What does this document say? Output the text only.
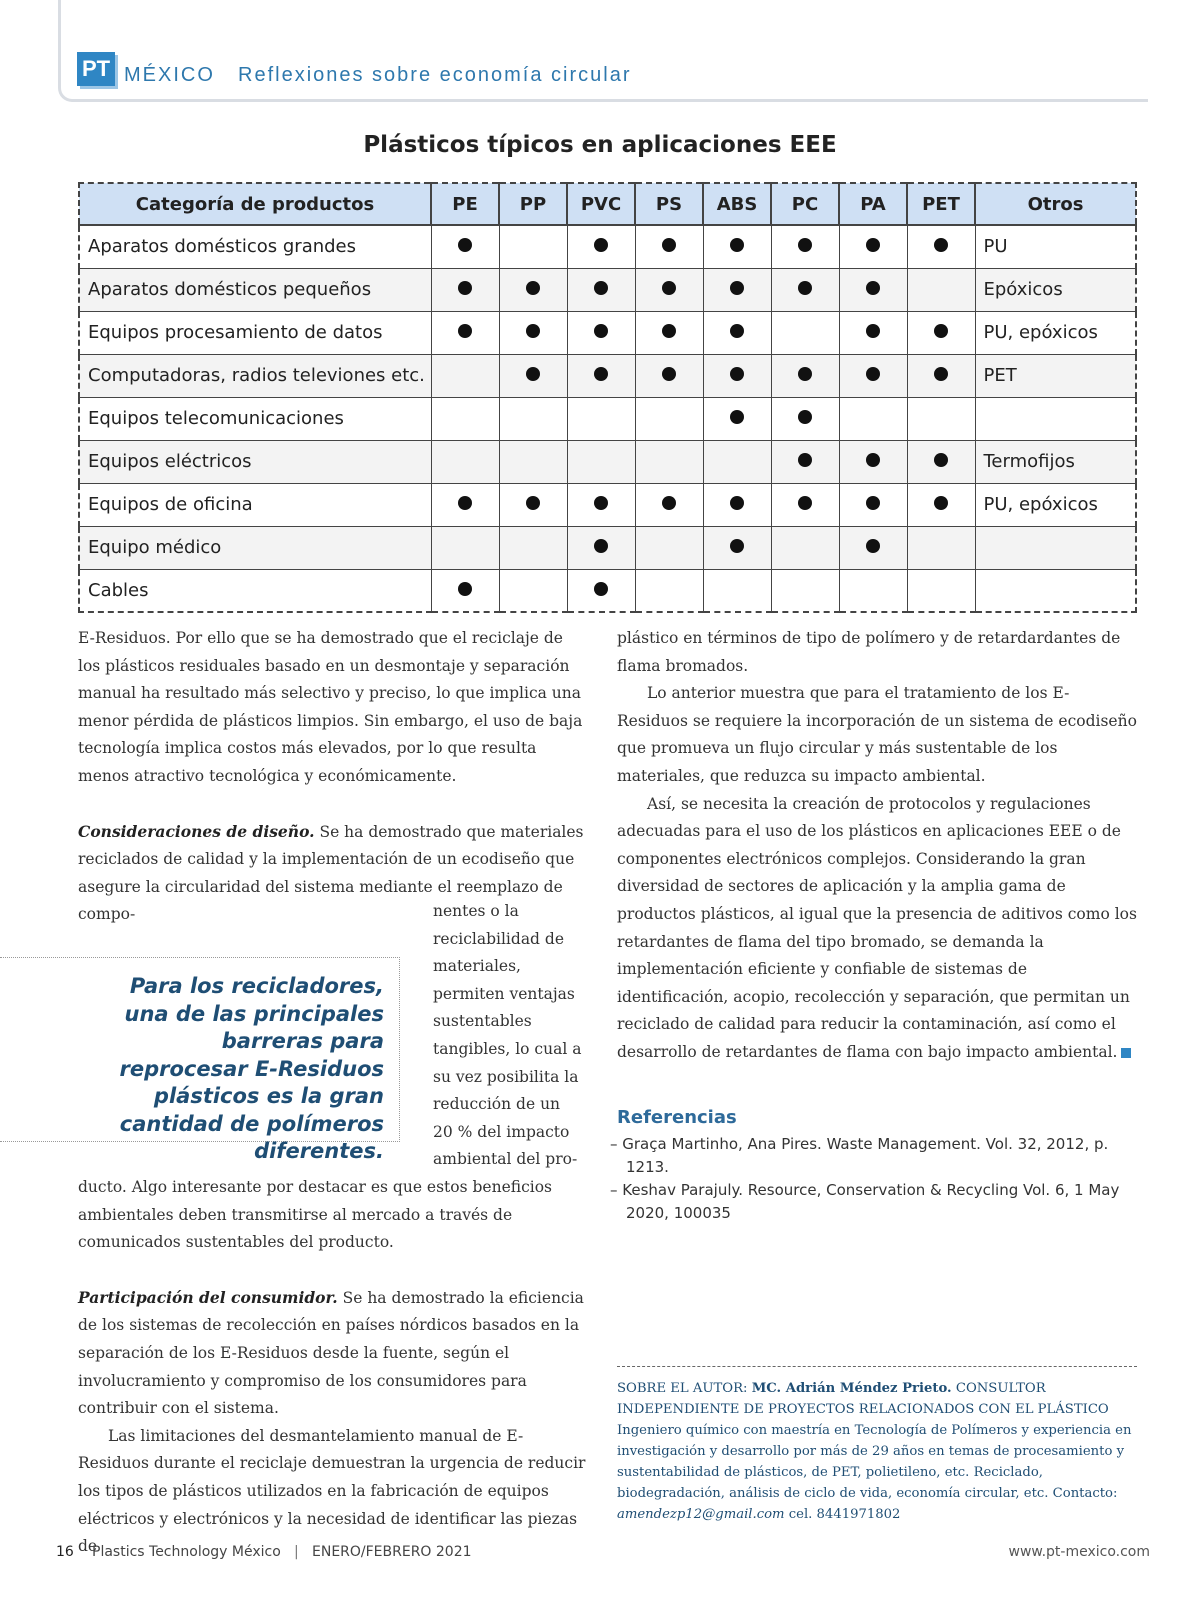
PT MÉXICO Reflexiones sobre economía circular
Plásticos típicos en aplicaciones EEE
Categoría de productos	PE	PP	PVC	PS	ABS	PC	PA	PET	Otros
Aparatos domésticos grandes									PU
Aparatos domésticos pequeños									Epóxicos
Equipos procesamiento de datos									PU, epóxicos
Computadoras, radios televiones etc.									PET
Equipos telecomunicaciones									
Equipos eléctricos									Termofijos
Equipos de oficina									PU, epóxicos
Equipo médico									
Cables									

E-Residuos. Por ello que se ha demostrado que el reciclaje de los plásticos residuales basado en un desmontaje y separación manual ha resultado más selectivo y preciso, lo que implica una menor pérdida de plásticos limpios. Sin embargo, el uso de baja tecnología implica costos más elevados, por lo que resulta menos atractivo tecnológica y económicamente.

Consideraciones de diseño. Se ha demostrado que materiales reciclados de calidad y la implementación de un ecodiseño que asegure la circularidad del sistema mediante el reemplazo de compo-	nentes o la reciclabilidad de materiales, permiten ventajas sustentables tangibles, lo cual a su vez posibilita la reducción de un 20 % del impacto ambiental del pro-

Para los recicladores, una de las principales barreras para reprocesar E-Residuos plásticos es la gran cantidad de polímeros diferentes.

ducto. Algo interesante por destacar es que estos beneficios ambientales deben transmitirse al mercado a través de comunicados sustentables del producto.

Participación del consumidor. Se ha demostrado la eficiencia de los sistemas de recolección en países nórdicos basados en la separación de los E-Residuos desde la fuente, según el involucramiento y compromiso de los consumidores para contribuir con el sistema.

Las limitaciones del desmantelamiento manual de E-Residuos durante el reciclaje demuestran la urgencia de reducir los tipos de plásticos utilizados en la fabricación de equipos eléctricos y electrónicos y la necesidad de identificar las piezas de

plástico en términos de tipo de polímero y de retardardantes de flama bromados.

Lo anterior muestra que para el tratamiento de los E-Residuos se requiere la incorporación de un sistema de ecodiseño que promueva un flujo circular y más sustentable de los materiales, que reduzca su impacto ambiental.

Así, se necesita la creación de protocolos y regulaciones adecuadas para el uso de los plásticos en aplicaciones EEE o de componentes electrónicos complejos. Considerando la gran diversidad de sectores de aplicación y la amplia gama de productos plásticos, al igual que la presencia de aditivos como los retardantes de flama del tipo bromado, se demanda la implementación eficiente y confiable de sistemas de identificación, acopio, recolección y separación, que permitan un reciclado de calidad para reducir la contaminación, así como el desarrollo de retardantes de flama con bajo impacto ambiental.

Referencias

– Graça Martinho, Ana Pires. Waste Management. Vol. 32, 2012, p. 1213.

– Keshav Parajuly. Resource, Conservation & Recycling Vol. 6, 1 May 2020, 100035

SOBRE EL AUTOR: MC. Adrián Méndez Prieto. CONSULTOR INDEPENDIENTE DE PROYECTOS RELACIONADOS CON EL PLÁSTICO Ingeniero químico con maestría en Tecnología de Polímeros y experiencia en investigación y desarrollo por más de 29 años en temas de procesamiento y sustentabilidad de plásticos, de PET, polietileno, etc. Reciclado, biodegradación, análisis de ciclo de vida, economía circular, etc. Contacto: amendezp12@gmail.com cel. 8441971802
16 Plastics Technology México | ENERO/FEBRERO 2021	www.pt-mexico.com
